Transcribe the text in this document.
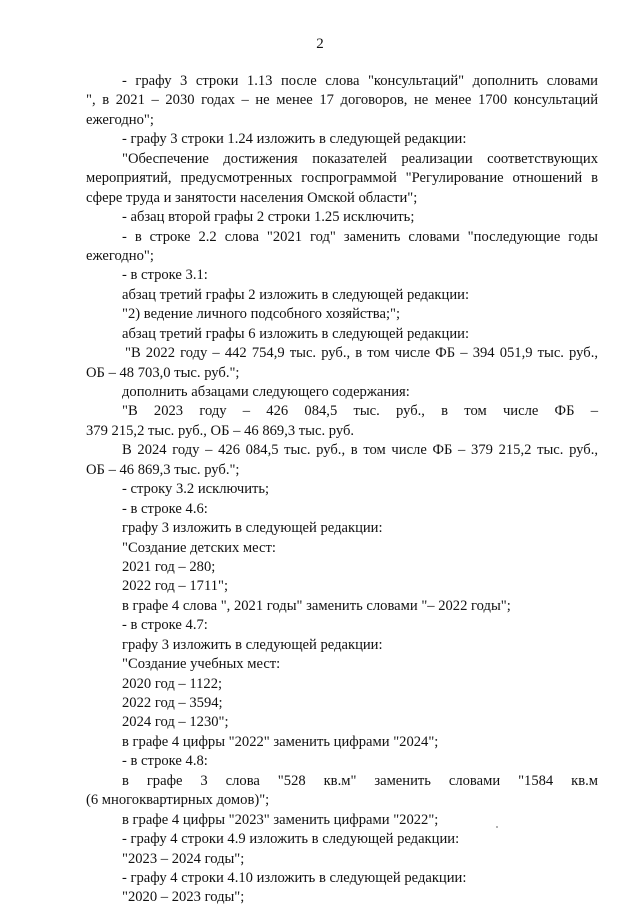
2
- графу 3 строки 1.13 после слова "консультаций" дополнить словами
", в 2021 – 2030 годах – не менее 17 договоров, не менее 1700 консультаций
ежегодно";
- графу 3 строки 1.24 изложить в следующей редакции:
"Обеспечение достижения показателей реализации соответствующих
мероприятий, предусмотренных госпрограммой "Регулирование отношений в
сфере труда и занятости населения Омской области";
- абзац второй графы 2 строки 1.25 исключить;
- в строке 2.2 слова "2021 год" заменить словами "последующие годы
ежегодно";
- в строке 3.1:
абзац третий графы 2 изложить в следующей редакции:
"2) ведение личного подсобного хозяйства;";
абзац третий графы 6 изложить в следующей редакции:
"В 2022 году – 442 754,9 тыс. руб., в том числе ФБ – 394 051,9 тыс. руб.,
ОБ – 48 703,0 тыс. руб.";
дополнить абзацами следующего содержания:
"В 2023 году – 426 084,5 тыс. руб., в том числе ФБ –
379 215,2 тыс. руб., ОБ – 46 869,3 тыс. руб.
В 2024 году – 426 084,5 тыс. руб., в том числе ФБ – 379 215,2 тыс. руб.,
ОБ – 46 869,3 тыс. руб.";
- строку 3.2 исключить;
- в строке 4.6:
графу 3 изложить в следующей редакции:
"Создание детских мест:
2021 год – 280;
2022 год – 1711";
в графе 4 слова ", 2021 годы" заменить словами "– 2022 годы";
- в строке 4.7:
графу 3 изложить в следующей редакции:
"Создание учебных мест:
2020 год – 1122;
2022 год – 3594;
2024 год – 1230";
в графе 4 цифры "2022" заменить цифрами "2024";
- в строке 4.8:
в графе 3 слова "528 кв.м" заменить словами "1584 кв.м
(6 многоквартирных домов)";
в графе 4 цифры "2023" заменить цифрами "2022";
- графу 4 строки 4.9 изложить в следующей редакции:
"2023 – 2024 годы";
- графу 4 строки 4.10 изложить в следующей редакции:
"2020 – 2023 годы";
